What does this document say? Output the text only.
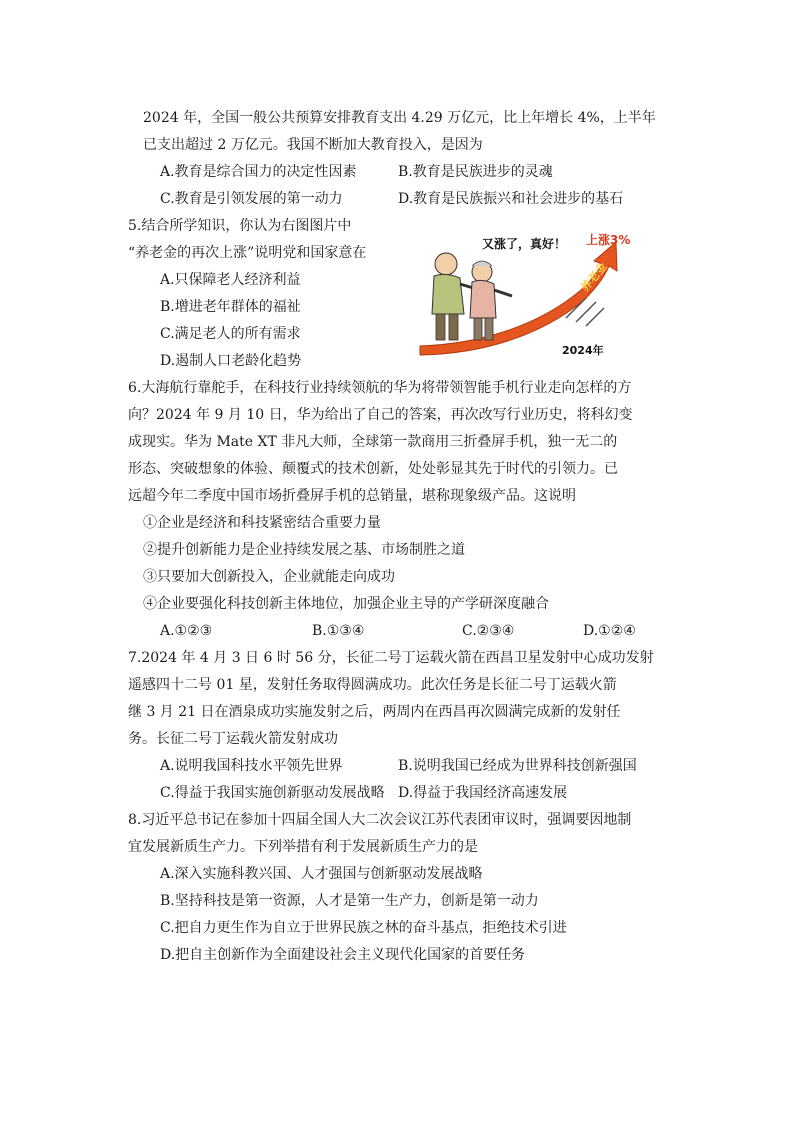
2024 年，全国一般公共预算安排教育支出 4.29 万亿元，比上年增长 4%，上半年
已支出超过 2 万亿元。我国不断加大教育投入，是因为
A.教育是综合国力的决定性因素	B.教育是民族进步的灵魂
C.教育是引领发展的第一动力	D.教育是民族振兴和社会进步的基石
5.结合所学知识，你认为右图图片中
“养老金的再次上涨”说明党和国家意在
A.只保障老人经济利益
B.增进老年群体的福祉
C.满足老人的所有需求
D.遏制人口老龄化趋势
养老金
又涨了，真好！ 上涨3%
2024年
6.大海航行靠舵手，在科技行业持续领航的华为将带领智能手机行业走向怎样的方
向？2024 年 9 月 10 日，华为给出了自己的答案，再次改写行业历史，将科幻变
成现实。华为 Mate XT 非凡大师，全球第一款商用三折叠屏手机，独一无二的
形态、突破想象的体验、颠覆式的技术创新，处处彰显其先于时代的引领力。已
远超今年二季度中国市场折叠屏手机的总销量，堪称现象级产品。这说明
①企业是经济和科技紧密结合重要力量
②提升创新能力是企业持续发展之基、市场制胜之道
③只要加大创新投入，企业就能走向成功
④企业要强化科技创新主体地位，加强企业主导的产学研深度融合
A.①②③	B.①③④	C.②③④	D.①②④
7.2024 年 4 月 3 日 6 时 56 分，长征二号丁运载火箭在西昌卫星发射中心成功发射
遥感四十二号 01 星，发射任务取得圆满成功。此次任务是长征二号丁运载火箭
继 3 月 21 日在酒泉成功实施发射之后，两周内在西昌再次圆满完成新的发射任
务。长征二号丁运载火箭发射成功
A.说明我国科技水平领先世界	B.说明我国已经成为世界科技创新强国
C.得益于我国实施创新驱动发展战略 D.得益于我国经济高速发展
8.习近平总书记在参加十四届全国人大二次会议江苏代表团审议时，强调要因地制
宜发展新质生产力。下列举措有利于发展新质生产力的是
A.深入实施科教兴国、人才强国与创新驱动发展战略
B.坚持科技是第一资源，人才是第一生产力，创新是第一动力
C.把自力更生作为自立于世界民族之林的奋斗基点，拒绝技术引进
D.把自主创新作为全面建设社会主义现代化国家的首要任务
